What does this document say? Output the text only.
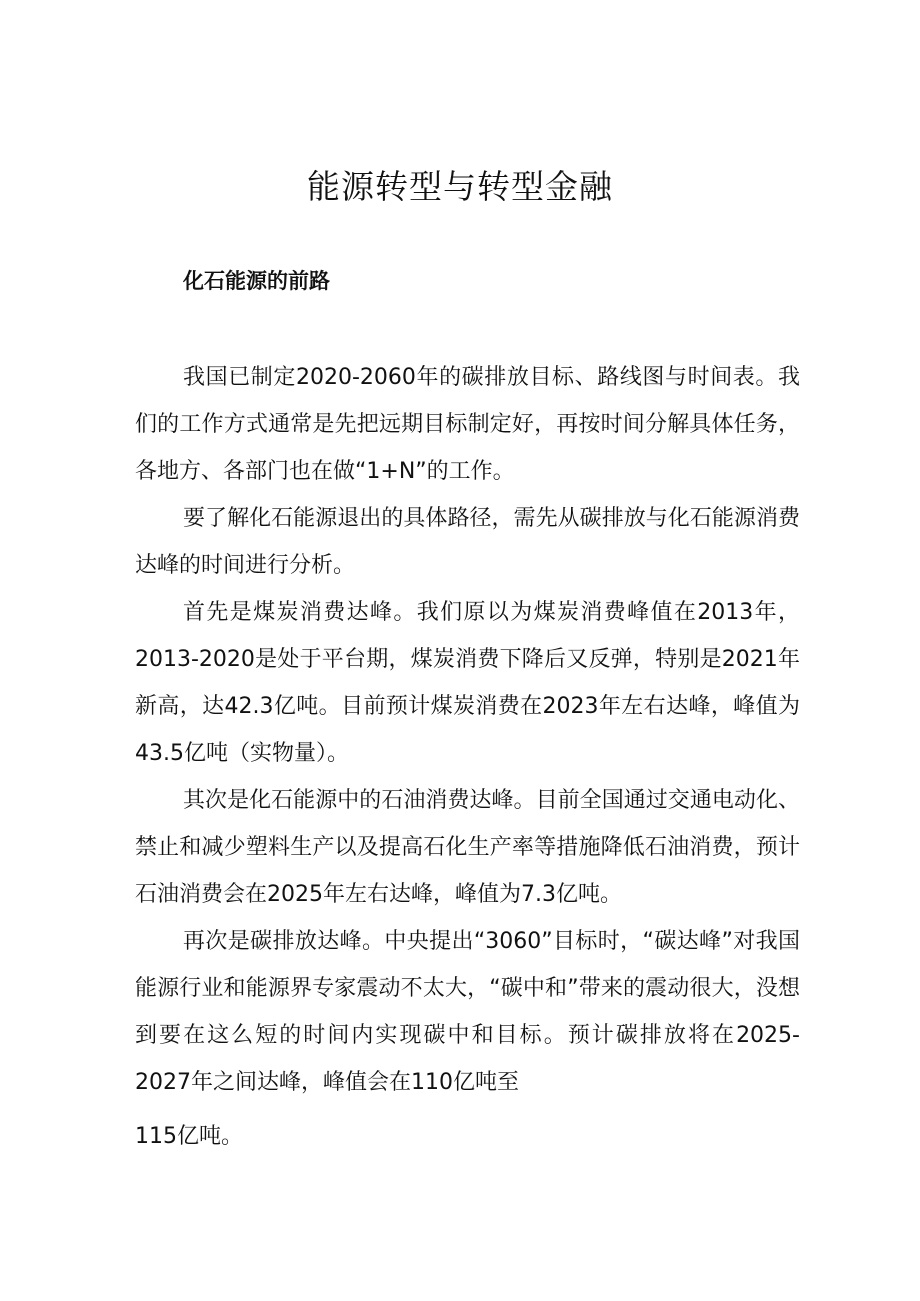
能源转型与转型金融
化石能源的前路

我国已制定2020-2060年的碳排放目标、路线图与时间表。我们的工作方式通常是先把远期目标制定好，再按时间分解具体任务，各地方、各部门也在做“1+N”的工作。

要了解化石能源退出的具体路径，需先从碳排放与化石能源消费达峰的时间进行分析。

首先是煤炭消费达峰。我们原以为煤炭消费峰值在2013年，2013-2020是处于平台期，煤炭消费下降后又反弹，特别是2021年新高，达42.3亿吨。目前预计煤炭消费在2023年左右达峰，峰值为43.5亿吨（实物量）。

其次是化石能源中的石油消费达峰。目前全国通过交通电动化、禁止和减少塑料生产以及提高石化生产率等措施降低石油消费，预计石油消费会在2025年左右达峰，峰值为7.3亿吨。

再次是碳排放达峰。中央提出“3060”目标时，“碳达峰”对我国能源行业和能源界专家震动不太大，“碳中和”带来的震动很大，没想到要在这么短的时间内实现碳中和目标。预计碳排放将在2025-2027年之间达峰，峰值会在110亿吨至

115亿吨。
